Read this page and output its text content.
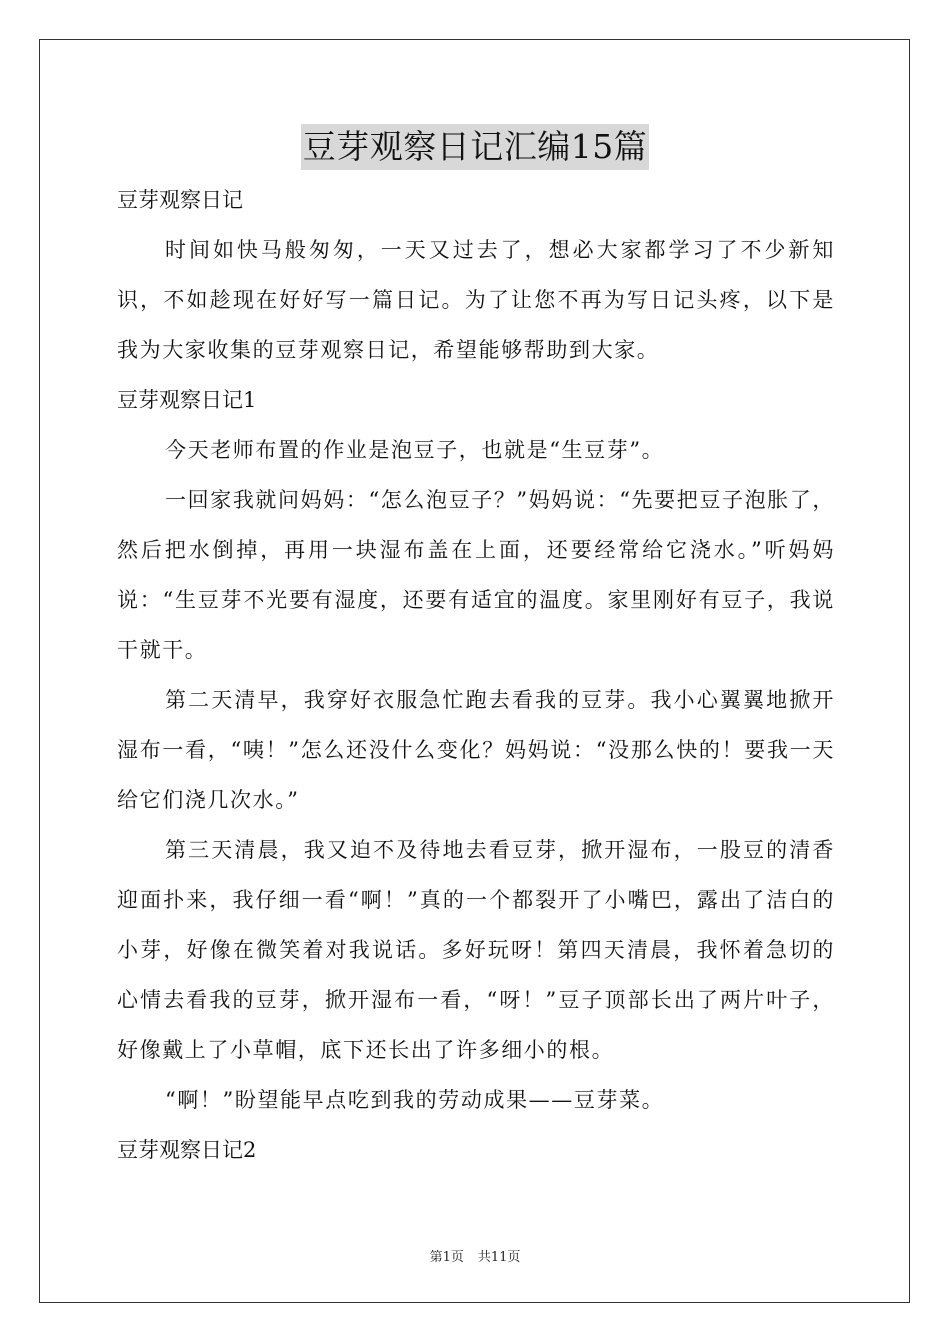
豆芽观察日记汇编15篇

豆芽观察日记

时间如快马般匆匆，一天又过去了，想必大家都学习了不少新知识，不如趁现在好好写一篇日记。为了让您不再为写日记头疼，以下是我为大家收集的豆芽观察日记，希望能够帮助到大家。

豆芽观察日记1

今天老师布置的作业是泡豆子，也就是“生豆芽”。

一回家我就问妈妈：“怎么泡豆子？”妈妈说：“先要把豆子泡胀了，然后把水倒掉，再用一块湿布盖在上面，还要经常给它浇水。”听妈妈说：“生豆芽不光要有湿度，还要有适宜的温度。家里刚好有豆子，我说干就干。

第二天清早，我穿好衣服急忙跑去看我的豆芽。我小心翼翼地掀开湿布一看，“咦！”怎么还没什么变化？妈妈说：“没那么快的！要我一天给它们浇几次水。”

第三天清晨，我又迫不及待地去看豆芽，掀开湿布，一股豆的清香迎面扑来，我仔细一看“啊！”真的一个都裂开了小嘴巴，露出了洁白的小芽，好像在微笑着对我说话。多好玩呀！第四天清晨，我怀着急切的心情去看我的豆芽，掀开湿布一看，“呀！”豆子顶部长出了两片叶子，好像戴上了小草帽，底下还长出了许多细小的根。

“啊！”盼望能早点吃到我的劳动成果——豆芽菜。

豆芽观察日记2

第1页 共11页
